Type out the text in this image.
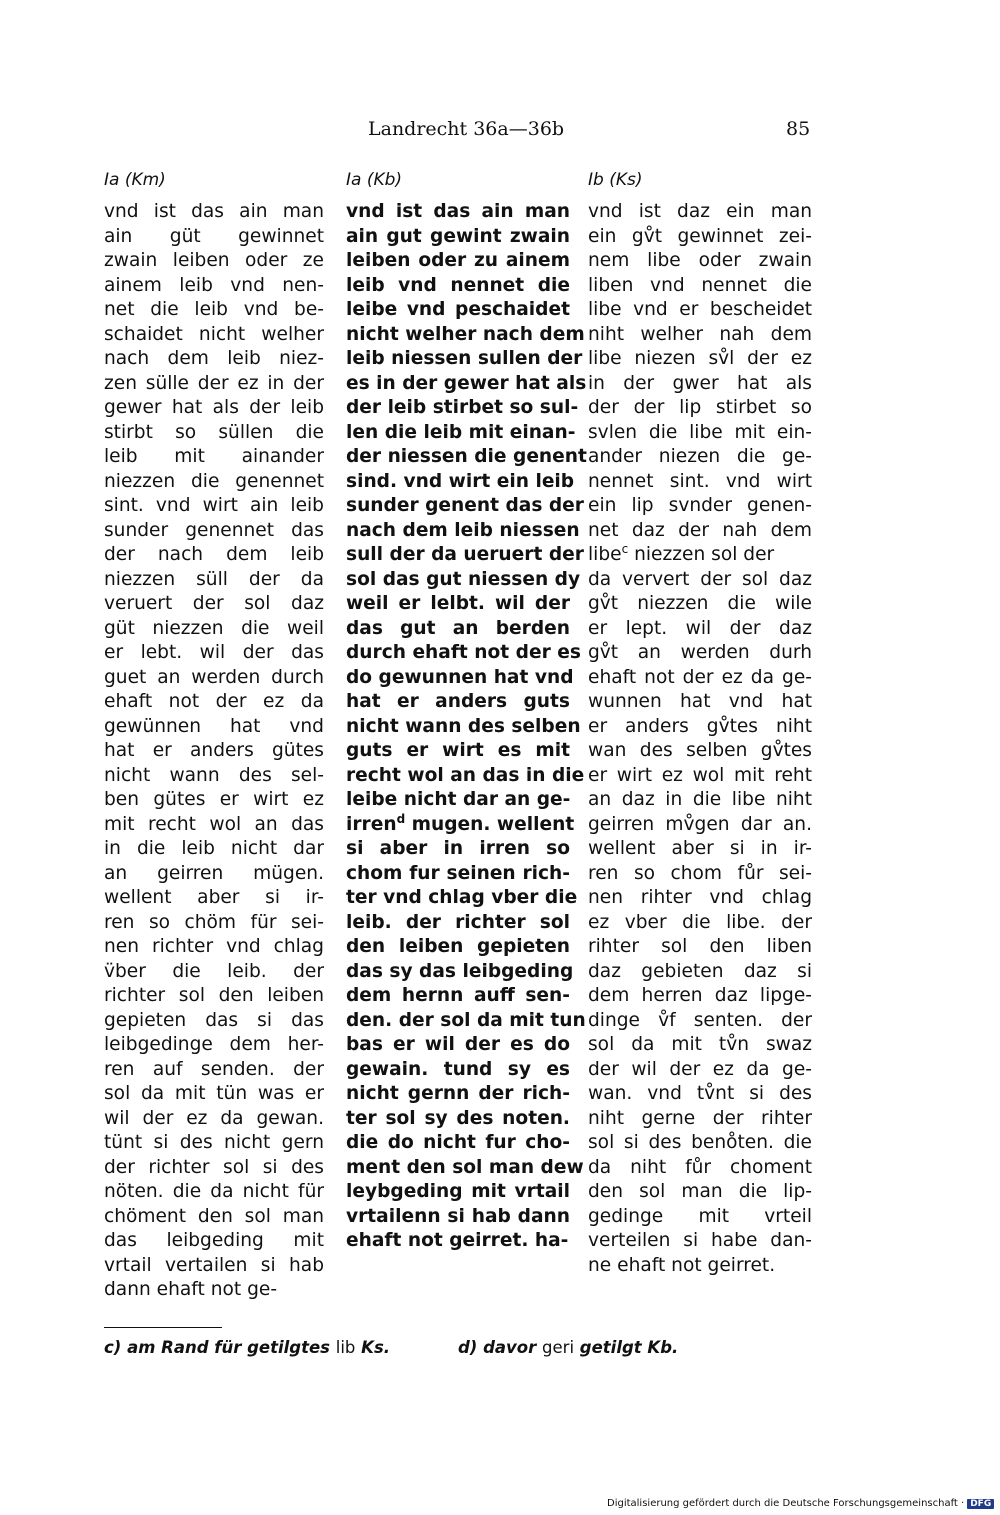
Landrecht 36a—36b	85
Ia (Km)	Ia (Kb)	Ib (Ks)
vnd ist das ain man
ain güt gewinnet
zwain leiben oder ze
ainem leib vnd nen-
net die leib vnd be-
schaidet nicht welher
nach dem leib niez-
zen sülle der ez in der
gewer hat als der leib
stirbt so süllen die
leib mit ainander
niezzen die genennet
sint. vnd wirt ain leib
sunder genennet das
der nach dem leib
niezzen süll der da
veruert der sol daz
güt niezzen die weil
er lebt. wil der das
guet an werden durch
ehaft not der ez da
gewünnen hat vnd
hat er anders gütes
nicht wann des sel-
ben gütes er wirt ez
mit recht wol an das
in die leib nicht dar
an geirren mügen.
wellent aber si ir-
ren so chöm für sei-
nen richter vnd chlag
v̈ber die leib. der
richter sol den leiben
gepieten das si das
leibgedinge dem her-
ren auf senden. der
sol da mit tün was er
wil der ez da gewan.
tünt si des nicht gern
der richter sol si des
nöten. die da nicht für
chöment den sol man
das leibgeding mit
vrtail vertailen si hab
dann ehaft not ge-
vnd ist das ain man
ain gut gewint zwain
leiben oder zu ainem
leib vnd nennet die
leibe vnd peschaidet
nicht welher nach dem
leib niessen sullen der
es in der gewer hat als
der leib stirbet so sul-
len die leib mit einan-
der niessen die genent
sind. vnd wirt ein leib
sunder genent das der
nach dem leib niessen
sull der da ueruert der
sol das gut niessen dy
weil er lelbt. wil der
das gut an berden
durch ehaft not der es
do gewunnen hat vnd
hat er anders guts
nicht wann des selben
guts er wirt es mit
recht wol an das in die
leibe nicht dar an ge-
irren$^d$ mugen. wellent
si aber in irren so
chom fur seinen rich-
ter vnd chlag vber die
leib. der richter sol
den leiben gepieten
das sy das leibgeding
dem hernn auff sen-
den. der sol da mit tun
bas er wil der es do
gewain. tund sy es
nicht gernn der rich-
ter sol sy des noten.
die do nicht fur cho-
ment den sol man dew
leybgeding mit vrtail
vrtailenn si hab dann
ehaft not geirret. ha-
vnd ist daz ein man
ein gv̊t gewinnet zei-
nem libe oder zwain
liben vnd nennet die
libe vnd er bescheidet
niht welher nah dem
libe niezen sv̊l der ez
in der gwer hat als
der der lip stirbet so
svlen die libe mit ein-
ander niezen die ge-
nennet sint. vnd wirt
ein lip svnder genen-
net daz der nah dem
libe$^c$ niezzen sol der
da ververt der sol daz
gv̊t niezzen die wile
er lept. wil der daz
gv̊t an werden durh
ehaft not der ez da ge-
wunnen hat vnd hat
er anders gv̊tes niht
wan des selben gv̊tes
er wirt ez wol mit reht
an daz in die libe niht
geirren mv̊gen dar an.
wellent aber si in ir-
ren so chom fůr sei-
nen rihter vnd chlag
ez vber die libe. der
rihter sol den liben
daz gebieten daz si
dem herren daz lipge-
dinge v̊f senten. der
sol da mit tv̊n swaz
der wil der ez da ge-
wan. vnd tv̊nt si des
niht gerne der rihter
sol si des beno̊ten. die
da niht fůr choment
den sol man die lip-
gedinge mit vrteil
verteilen si habe dan-
ne ehaft not geirret.
c) am Rand für getilgtes lib Ks.	d) davor geri getilgt Kb.
Digitalisierung gefördert durch die Deutsche Forschungsgemeinschaft · DFG
